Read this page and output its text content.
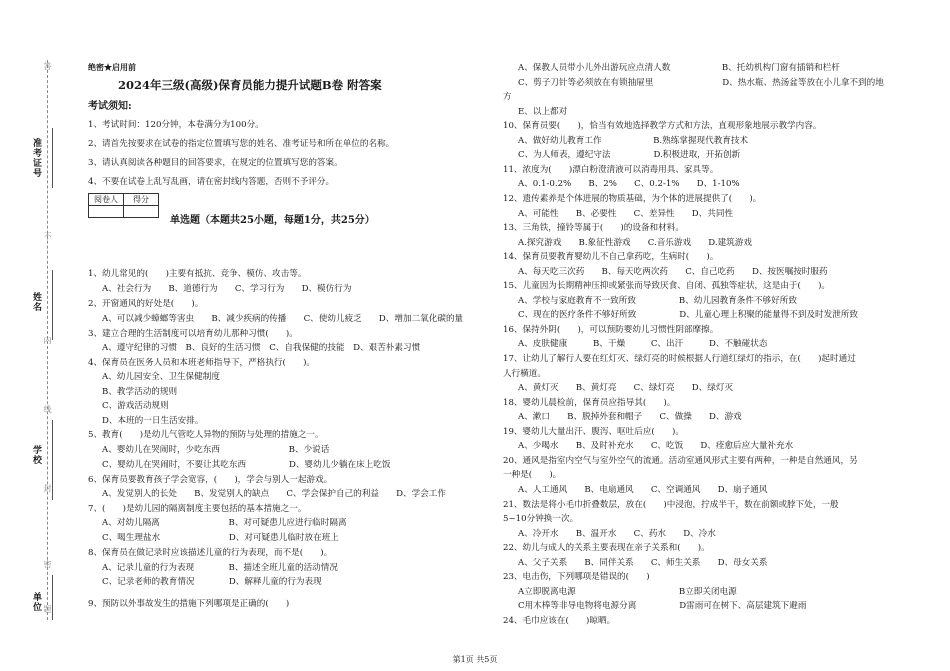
准考证号
姓名
学校
单位
不
内
线
封
密
题
答	绝密★启用前
2024年三级(高级)保育员能力提升试题B卷 附答案
考试须知:
1、考试时间：120分钟，本卷满分为100分。
2、请首先按要求在试卷的指定位置填写您的姓名、准考证号和所在单位的名称。
3、请认真阅读各种题目的回答要求，在规定的位置填写您的答案。
4、不要在试卷上乱写乱画，请在密封线内答题，否则不予评分。
阅卷人	得分

单选题（本题共25小题，每题1分，共25分）
1、幼儿常见的(　　)主要有抵抗、竞争、模仿、攻击等。
A、社会行为　　B、道德行为　　C、学习行为　　D、模仿行为
2、开窗通风的好处是(　　)。
A、可以减少蟑螂等害虫　　B、减少疾病的传播　　C、使幼儿疲乏　　D、增加二氧化碳的量
3、建立合理的生活制度可以培育幼儿那种习惯(　　)。
A、遵守纪律的习惯　B、良好的生活习惯　C、自我保健的技能　D、艰苦朴素习惯
4、保育员在医务人员和本班老师指导下，严格执行(　　)。
A、幼儿园安全、卫生保健制度
B、教学活动的规则
C、游戏活动规则
D、本班的一日生活安排。
5、教育(　　)是幼儿气管吃人异物的预防与处理的措施之一。
A、婴幼儿在哭闹时，少吃东西　　　　　　　　B、少说话
C、婴幼儿在哭闹时，不要让其吃东西　　　　　D、婴幼儿少躺在床上吃饭
6、保育员要教育孩子学会宽容，(　　)，学会与别人一起游戏。
A、发觉别人的长处　　B、发觉别人的缺点　　C、学会保护自己的利益　　D、学会工作
7、(　　)是幼儿园的隔离制度主要包括的基本措施之一。
A、对幼儿隔离　　　　　　　　B、对可疑患儿应进行临时隔离
C、喝生理盐水　　　　　　　　D、对可疑患儿临时放在班上
8、保育员在做记录时应该描述儿童的行为表现，而不是(　　)。
A、记录儿童的行为表现　　　　B、描述全班儿童的活动情况
C、记录老师的教育情况　　　　D、解释儿童的行为表现
9、预防以外事故发生的措施下列哪项是正确的(　　)
A、保教人员带小儿外出游玩应点清人数　　　　　　B、托幼机构门窗有插销和栏杆
C、剪子刀针等必须放在有锁抽屉里　　　　　　　　D、热水瓶、热汤盆等放在小儿拿不到的地
方
E、以上都对
10、保育员要(　　)，恰当有效地选择教学方式和方法，直观形象地展示教学内容。
A、做好幼儿教育工作　　　　　　B.熟练掌握现代教育技术
C、为人师表，遵纪守法　　　　　D.积极进取，开拓创新
11、浓度为(　　)漂白粉澄清液可以消毒用具、家具等。
A、0.1-0.2%　　B、2%　　C、0.2-1%　　D、1-10%
12、遗传素养是个体进展的物质基础，为个体的进展提供了(　　)。
A、可能性　　B、必要性　　C、差异性　　D、共同性
13、三角铁，撞铃等属于(　　)的设备和材料。
A.探究游戏　　B.象征性游戏　　C.音乐游戏　　D.建筑游戏
14、保育员要教育婴幼儿不自己拿药吃，生病时(　　)。
A、每天吃三次药　　B、每天吃两次药　　C、自己吃药　　D、按医嘱按时服药
15、儿童因为长期精神压抑或紧张而导致厌食、自闭、孤独等症状，这是由于(　　)。
A、学校与家庭教育不一致所致　　　　　B、幼儿园教育条件不够好所致
C、现在的医疗条件不够好所致　　　　　D、儿童心理上积聚的能量得不到及时发泄所致
16、保持外阴(　　)，可以预防婴幼儿习惯性阴部摩擦。
A、皮肤健康　　　B、干燥　　　C、出汗　　　D、不触碰状态
17、让幼儿了解行人要在红灯灭、绿灯亮的时候根据人行道红绿灯的指示，在(　　)起时通过
人行横道。
A、黄灯灭　　B、黄灯亮　　C、绿灯亮　　D、绿灯灭
18、婴幼儿晨检前，保育员应指导其(　　)。
A、漱口　　B、脱掉外套和帽子　　C、做操　　D、游戏
19、婴幼儿大量出汗、腹泻、呕吐后应(　　)。
A、少喝水　　B、及时补充水　　C、吃饭　　D、痊愈后应大量补充水
20、通风是指室内空气与室外空气的流通。活动室通风形式主要有两种，一种是自然通风，另
一种是(　　)。
A、人工通风　　B、电扇通风　　C、空调通风　　D、扇子通风
21、数法是将小毛巾折叠数层，放在(　　)中浸泡，拧成半干，数在前额或脖下处，一般
5~10分钟换一次。
A、冷开水　　B、温开水　　C、药水　　D、冷水
22、幼儿与成人的关系主要表现在亲子关系和(　　)。
A、父子关系　　B、同伴关系　　C、师生关系　　D、母女关系
23、电击伤，下列哪项是错误的(　　)
A立即脱离电源　　　　　　　　　　　　B立即关闭电源
C用木棒等非导电物将电源分离　　　　　D雷雨可在树下、高层建筑下避雨
24、毛巾应该在(　　)晾晒。
第1页 共5页
